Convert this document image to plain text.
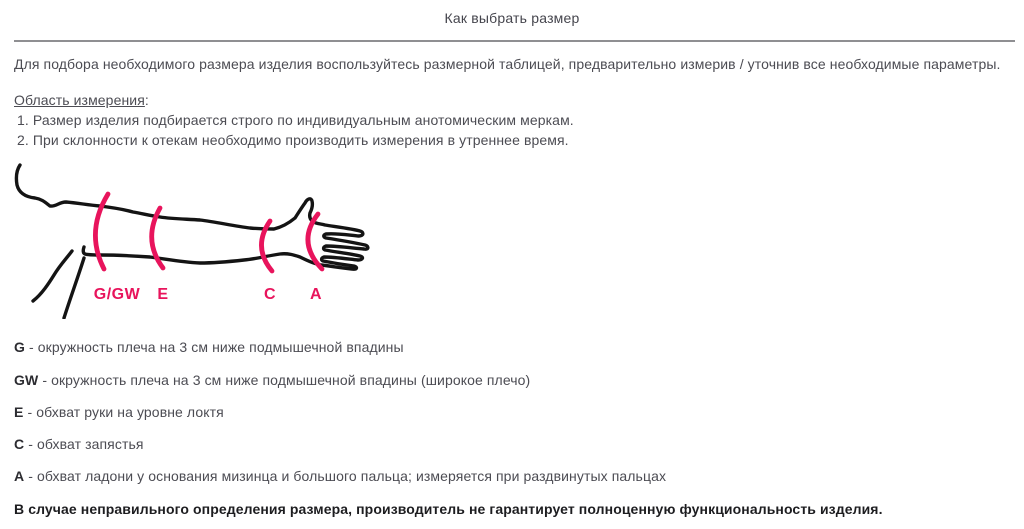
Как выбрать размер
Для подбора необходимого размера изделия воспользуйтесь размерной таблицей, предварительно измерив / уточнив все необходимые параметры.
Область измерения:
1. Размер изделия подбирается строго по индивидуальным анотомическим меркам.
2. При склонности к отекам необходимо производить измерения в утреннее время.
G/GW E	C A
G - окружность плеча на 3 см ниже подмышечной впадины
GW - окружность плеча на 3 см ниже подмышечной впадины (широкое плечо)
E - обхват руки на уровне локтя
C - обхват запястья
A - обхват ладони у основания мизинца и большого пальца; измеряется при раздвинутых пальцах
В случае неправильного определения размера, производитель не гарантирует полноценную функциональность изделия.
